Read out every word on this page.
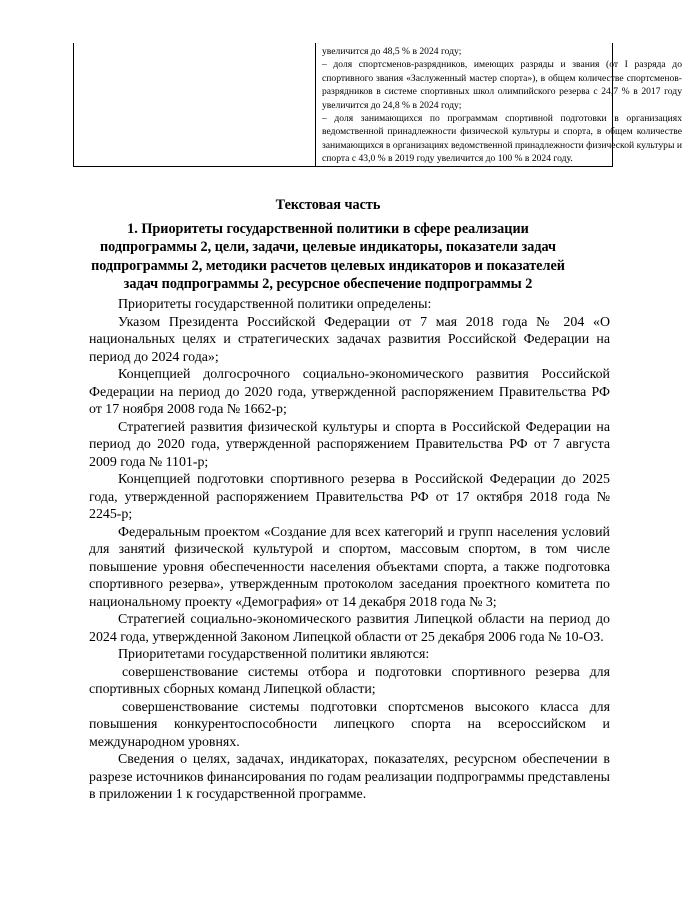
увеличится до 48,5 % в 2024 году;

– доля спортсменов-разрядников, имеющих разряды и звания (от I разряда до спортивного звания «Заслуженный мастер спорта»), в общем количестве спортсменов-разрядников в системе спортивных школ олимпийского резерва с 24,7 % в 2017 году увеличится до 24,8 % в 2024 году;

– доля занимающихся по программам спортивной подготовки в организациях ведомственной принадлежности физической культуры и спорта, в общем количестве занимающихся в организациях ведомственной принадлежности физической культуры и спорта с 43,0 % в 2019 году увеличится до 100 % в 2024 году.

Текстовая часть
1. Приоритеты государственной политики в сфере реализации подпрограммы 2, цели, задачи, целевые индикаторы, показатели задач подпрограммы 2, методики расчетов целевых индикаторов и показателей задач подпрограммы 2, ресурсное обеспечение подпрограммы 2

Приоритеты государственной политики определены:

Указом Президента Российской Федерации от 7 мая 2018 года № 204 «О национальных целях и стратегических задачах развития Российской Федерации на период до 2024 года»;

Концепцией долгосрочного социально-экономического развития Российской Федерации на период до 2020 года, утвержденной распоряжением Правительства РФ от 17 ноября 2008 года № 1662-р;

Стратегией развития физической культуры и спорта в Российской Федерации на период до 2020 года, утвержденной распоряжением Правительства РФ от 7 августа 2009 года № 1101-р;

Концепцией подготовки спортивного резерва в Российской Федерации до 2025 года, утвержденной распоряжением Правительства РФ от 17 октября 2018 года № 2245-р;

Федеральным проектом «Создание для всех категорий и групп населения условий для занятий физической культурой и спортом, массовым спортом, в том числе повышение уровня обеспеченности населения объектами спорта, а также подготовка спортивного резерва», утвержденным протоколом заседания проектного комитета по национальному проекту «Демография» от 14 декабря 2018 года № 3;

Стратегией социально-экономического развития Липецкой области на период до 2024 года, утвержденной Законом Липецкой области от 25 декабря 2006 года № 10-ОЗ.

Приоритетами государственной политики являются:

совершенствование системы отбора и подготовки спортивного резерва для спортивных сборных команд Липецкой области;

совершенствование системы подготовки спортсменов высокого класса для повышения конкурентоспособности липецкого спорта на всероссийском и международном уровнях.

Сведения о целях, задачах, индикаторах, показателях, ресурсном обеспечении в разрезе источников финансирования по годам реализации подпрограммы представлены в приложении 1 к государственной программе.
